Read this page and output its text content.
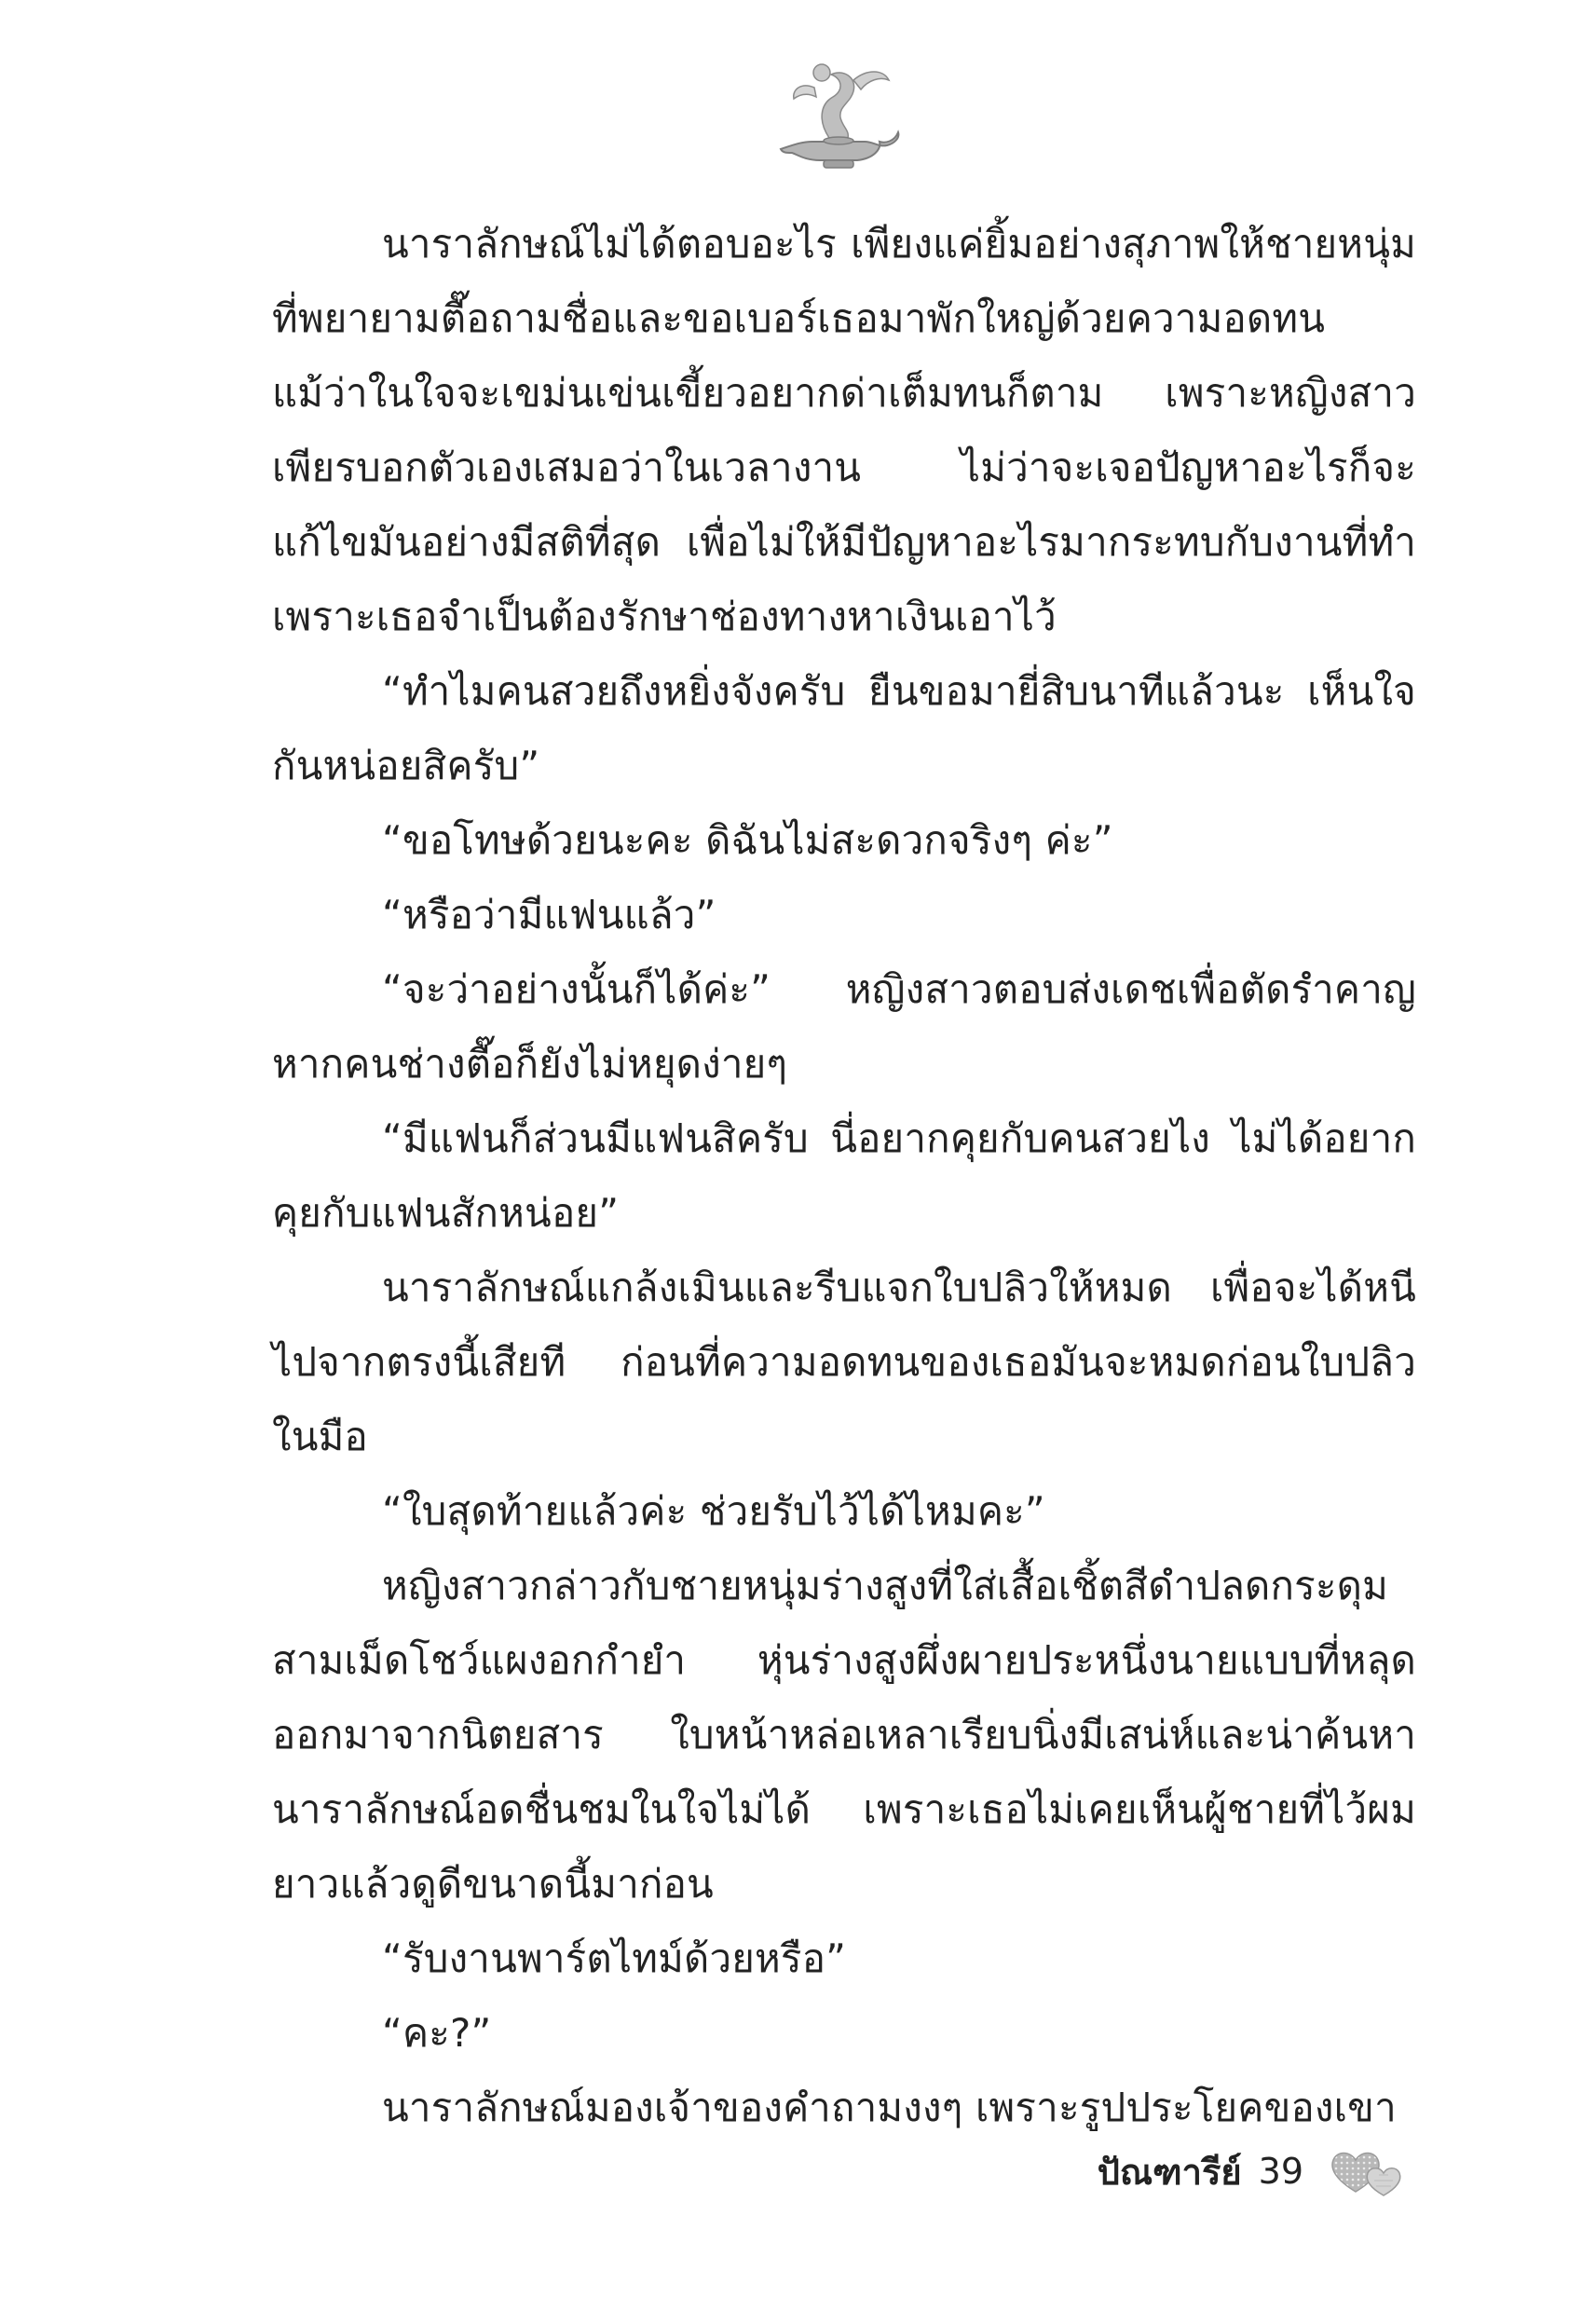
นาราลักษณ์ไม่ได้ตอบอะไร เพียงแค่ยิ้มอย่างสุภาพให้ชายหนุ่มที่พยายามตื๊อถามชื่อและขอเบอร์เธอมาพักใหญ่ด้วยความอดทน แม้ว่าในใจจะเขม่นเข่นเขี้ยวอยากด่าเต็มทนก็ตาม เพราะหญิงสาวเพียรบอกตัวเองเสมอว่าในเวลางาน ไม่ว่าจะเจอปัญหาอะไรก็จะแก้ไขมันอย่างมีสติที่สุด เพื่อไม่ให้มีปัญหาอะไรมากระทบกับงานที่ทำ เพราะเธอจำเป็นต้องรักษาช่องทางหาเงินเอาไว้

“ทำไมคนสวยถึงหยิ่งจังครับ ยืนขอมายี่สิบนาทีแล้วนะ เห็นใจกันหน่อยสิครับ”

“ขอโทษด้วยนะคะ ดิฉันไม่สะดวกจริงๆ ค่ะ”

“หรือว่ามีแฟนแล้ว”

“จะว่าอย่างนั้นก็ได้ค่ะ” หญิงสาวตอบส่งเดชเพื่อตัดรำคาญหากคนช่างตื๊อก็ยังไม่หยุดง่ายๆ

“มีแฟนก็ส่วนมีแฟนสิครับ นี่อยากคุยกับคนสวยไง ไม่ได้อยากคุยกับแฟนสักหน่อย”

นาราลักษณ์แกล้งเมินและรีบแจกใบปลิวให้หมด เพื่อจะได้หนีไปจากตรงนี้เสียที ก่อนที่ความอดทนของเธอมันจะหมดก่อนใบปลิวในมือ

“ใบสุดท้ายแล้วค่ะ ช่วยรับไว้ได้ไหมคะ”

หญิงสาวกล่าวกับชายหนุ่มร่างสูงที่ใส่เสื้อเชิ้ตสีดำปลดกระดุมสามเม็ดโชว์แผงอกกำยำ หุ่นร่างสูงผึ่งผายประหนึ่งนายแบบที่หลุดออกมาจากนิตยสาร ใบหน้าหล่อเหลาเรียบนิ่งมีเสน่ห์และน่าค้นหานาราลักษณ์อดชื่นชมในใจไม่ได้ เพราะเธอไม่เคยเห็นผู้ชายที่ไว้ผมยาวแล้วดูดีขนาดนี้มาก่อน

“รับงานพาร์ตไทม์ด้วยหรือ”

“คะ?”

นาราลักษณ์มองเจ้าของคำถามงงๆ เพราะรูปประโยคของเขา

ปัณฑารีย์ 39
